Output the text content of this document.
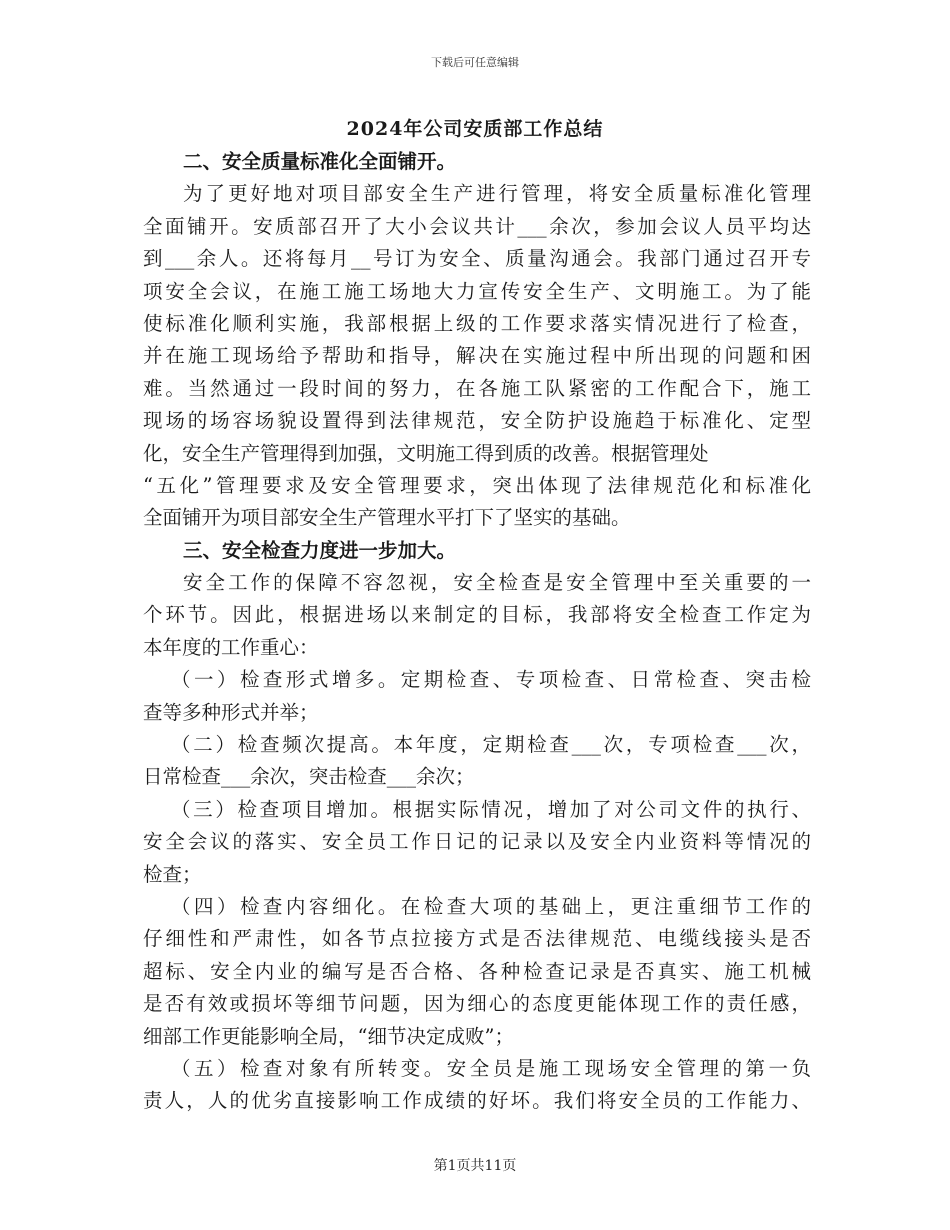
下载后可任意编辑
2024年公司安质部工作总结
二、安全质量标准化全面铺开。
为了更好地对项目部安全生产进行管理，将安全质量标准化管理
全面铺开。安质部召开了大小会议共计___余次，参加会议人员平均达
到___余人。还将每月__号订为安全、质量沟通会。我部门通过召开专
项安全会议，在施工施工场地大力宣传安全生产、文明施工。为了能
使标准化顺利实施，我部根据上级的工作要求落实情况进行了检查，
并在施工现场给予帮助和指导，解决在实施过程中所出现的问题和困
难。当然通过一段时间的努力，在各施工队紧密的工作配合下，施工
现场的场容场貌设置得到法律规范，安全防护设施趋于标准化、定型
化，安全生产管理得到加强，文明施工得到质的改善。根据管理处
“五化”管理要求及安全管理要求，突出体现了法律规范化和标准化
全面铺开为项目部安全生产管理水平打下了坚实的基础。
三、安全检查力度进一步加大。
安全工作的保障不容忽视，安全检查是安全管理中至关重要的一
个环节。因此，根据进场以来制定的目标，我部将安全检查工作定为
本年度的工作重心：
（一）检查形式增多。定期检查、专项检查、日常检查、突击检
查等多种形式并举；
（二）检查频次提高。本年度，定期检查___次，专项检查___次，
日常检查___余次，突击检查___余次；
（三）检查项目增加。根据实际情况，增加了对公司文件的执行、
安全会议的落实、安全员工作日记的记录以及安全内业资料等情况的
检查；
（四）检查内容细化。在检查大项的基础上，更注重细节工作的
仔细性和严肃性，如各节点拉接方式是否法律规范、电缆线接头是否
超标、安全内业的编写是否合格、各种检查记录是否真实、施工机械
是否有效或损坏等细节问题，因为细心的态度更能体现工作的责任感，
细部工作更能影响全局，“细节决定成败”；
（五）检查对象有所转变。安全员是施工现场安全管理的第一负
责人，人的优劣直接影响工作成绩的好坏。我们将安全员的工作能力、
第1页共11页
